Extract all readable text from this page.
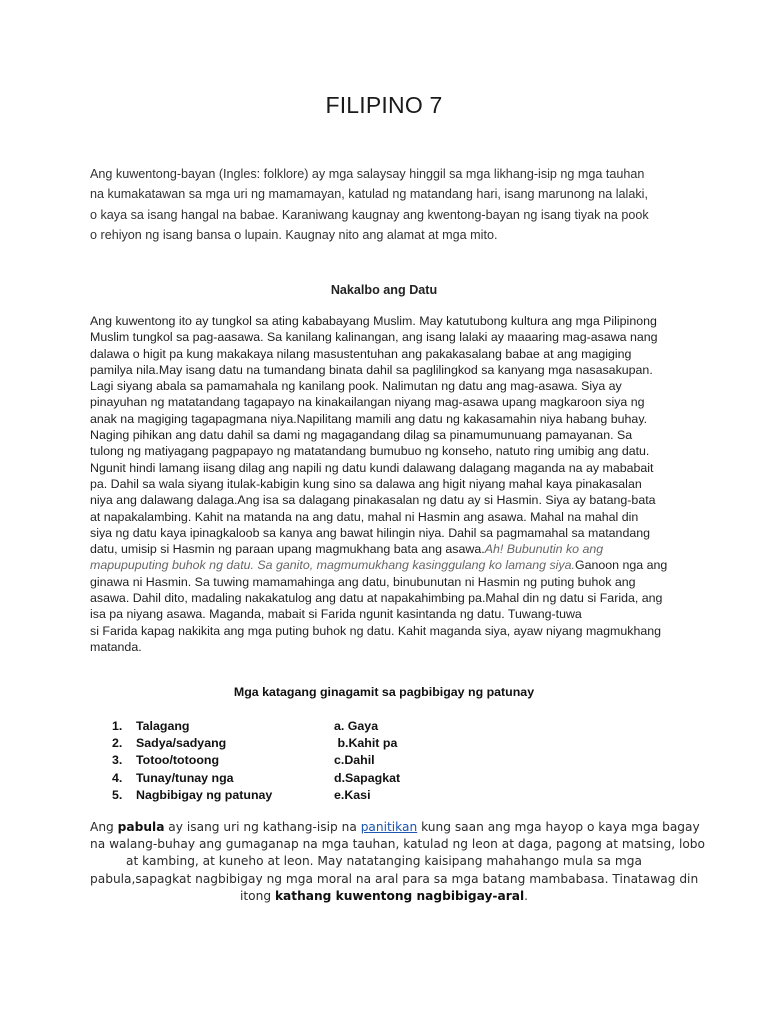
FILIPINO 7
Ang kuwentong-bayan (Ingles: folklore) ay mga salaysay hinggil sa mga likhang-isip ng mga tauhan
na kumakatawan sa mga uri ng mamamayan, katulad ng matandang hari, isang marunong na lalaki,
o kaya sa isang hangal na babae. Karaniwang kaugnay ang kwentong-bayan ng isang tiyak na pook
o rehiyon ng isang bansa o lupain. Kaugnay nito ang alamat at mga mito.
Nakalbo ang Datu
Ang kuwentong ito ay tungkol sa ating kababayang Muslim. May katutubong kultura ang mga Pilipinong
Muslim tungkol sa pag-aasawa. Sa kanilang kalinangan, ang isang lalaki ay maaaring mag-asawa nang
dalawa o higit pa kung makakaya nilang masustentuhan ang pakakasalang babae at ang magiging
pamilya nila.May isang datu na tumandang binata dahil sa paglilingkod sa kanyang mga nasasakupan.
Lagi siyang abala sa pamamahala ng kanilang pook. Nalimutan ng datu ang mag-asawa. Siya ay
pinayuhan ng matatandang tagapayo na kinakailangan niyang mag-asawa upang magkaroon siya ng
anak na magiging tagapagmana niya.Napilitang mamili ang datu ng kakasamahin niya habang buhay.
Naging pihikan ang datu dahil sa dami ng magagandang dilag sa pinamumunuang pamayanan. Sa
tulong ng matiyagang pagpapayo ng matatandang bumubuo ng konseho, natuto ring umibig ang datu.
Ngunit hindi lamang iisang dilag ang napili ng datu kundi dalawang dalagang maganda na ay mababait
pa. Dahil sa wala siyang itulak-kabigin kung sino sa dalawa ang higit niyang mahal kaya pinakasalan
niya ang dalawang dalaga.Ang isa sa dalagang pinakasalan ng datu ay si Hasmin. Siya ay batang-bata
at napakalambing. Kahit na matanda na ang datu, mahal ni Hasmin ang asawa. Mahal na mahal din
siya ng datu kaya ipinagkaloob sa kanya ang bawat hilingin niya. Dahil sa pagmamahal sa matandang
datu, umisip si Hasmin ng paraan upang magmukhang bata ang asawa.Ah! Bubunutin ko ang
mapupuputing buhok ng datu. Sa ganito, magmumukhang kasinggulang ko lamang siya.Ganoon nga ang
ginawa ni Hasmin. Sa tuwing mamamahinga ang datu, binubunutan ni Hasmin ng puting buhok ang
asawa. Dahil dito, madaling nakakatulog ang datu at napakahimbing pa.Mahal din ng datu si Farida, ang
isa pa niyang asawa. Maganda, mabait si Farida ngunit kasintanda ng datu. Tuwang-tuwa
si Farida kapag nakikita ang mga puting buhok ng datu. Kahit maganda siya, ayaw niyang magmukhang
matanda.
Mga katagang ginagamit sa pagbibigay ng patunay
1. Talagang	a. Gaya
2. Sadya/sadyang	b.Kahit pa
3. Totoo/totoong	c.Dahil
4. Tunay/tunay nga	d.Sapagkat
5. Nagbibigay ng patunay	e.Kasi
Ang pabula ay isang uri ng kathang-isip na panitikan kung saan ang mga hayop o kaya mga bagay
na walang-buhay ang gumaganap na mga tauhan, katulad ng leon at daga, pagong at matsing, lobo
at kambing, at kuneho at leon. May natatanging kaisipang mahahango mula sa mga
pabula,sapagkat nagbibigay ng mga moral na aral para sa mga batang mambabasa. Tinatawag din
itong kathang kuwentong nagbibigay-aral.
